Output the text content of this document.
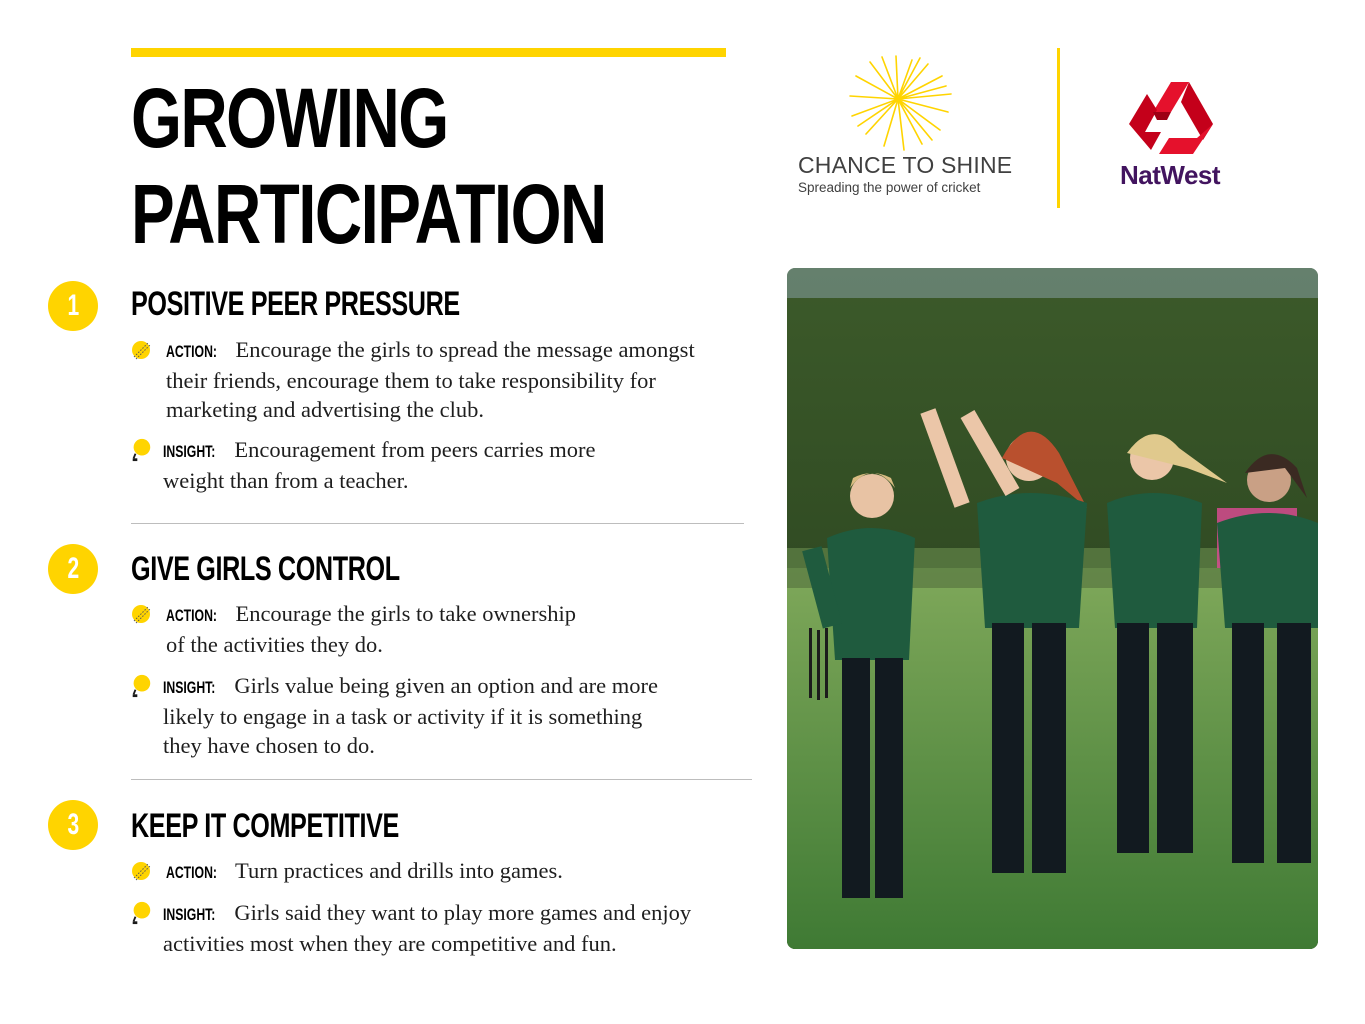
GROWING
PARTICIPATION
CHANCE TO SHINE
Spreading the power of cricket	NatWest
1 POSITIVE PEER PRESSURE
ACTION: Encourage the girls to spread the message amongst
their friends, encourage them to take responsibility for
marketing and advertising the club.
INSIGHT: Encouragement from peers carries more
weight than from a teacher.
2 GIVE GIRLS CONTROL
ACTION: Encourage the girls to take ownership
of the activities they do.
INSIGHT: Girls value being given an option and are more
likely to engage in a task or activity if it is something
they have chosen to do.
3 KEEP IT COMPETITIVE
ACTION: Turn practices and drills into games.
INSIGHT: Girls said they want to play more games and enjoy
activities most when they are competitive and fun.
